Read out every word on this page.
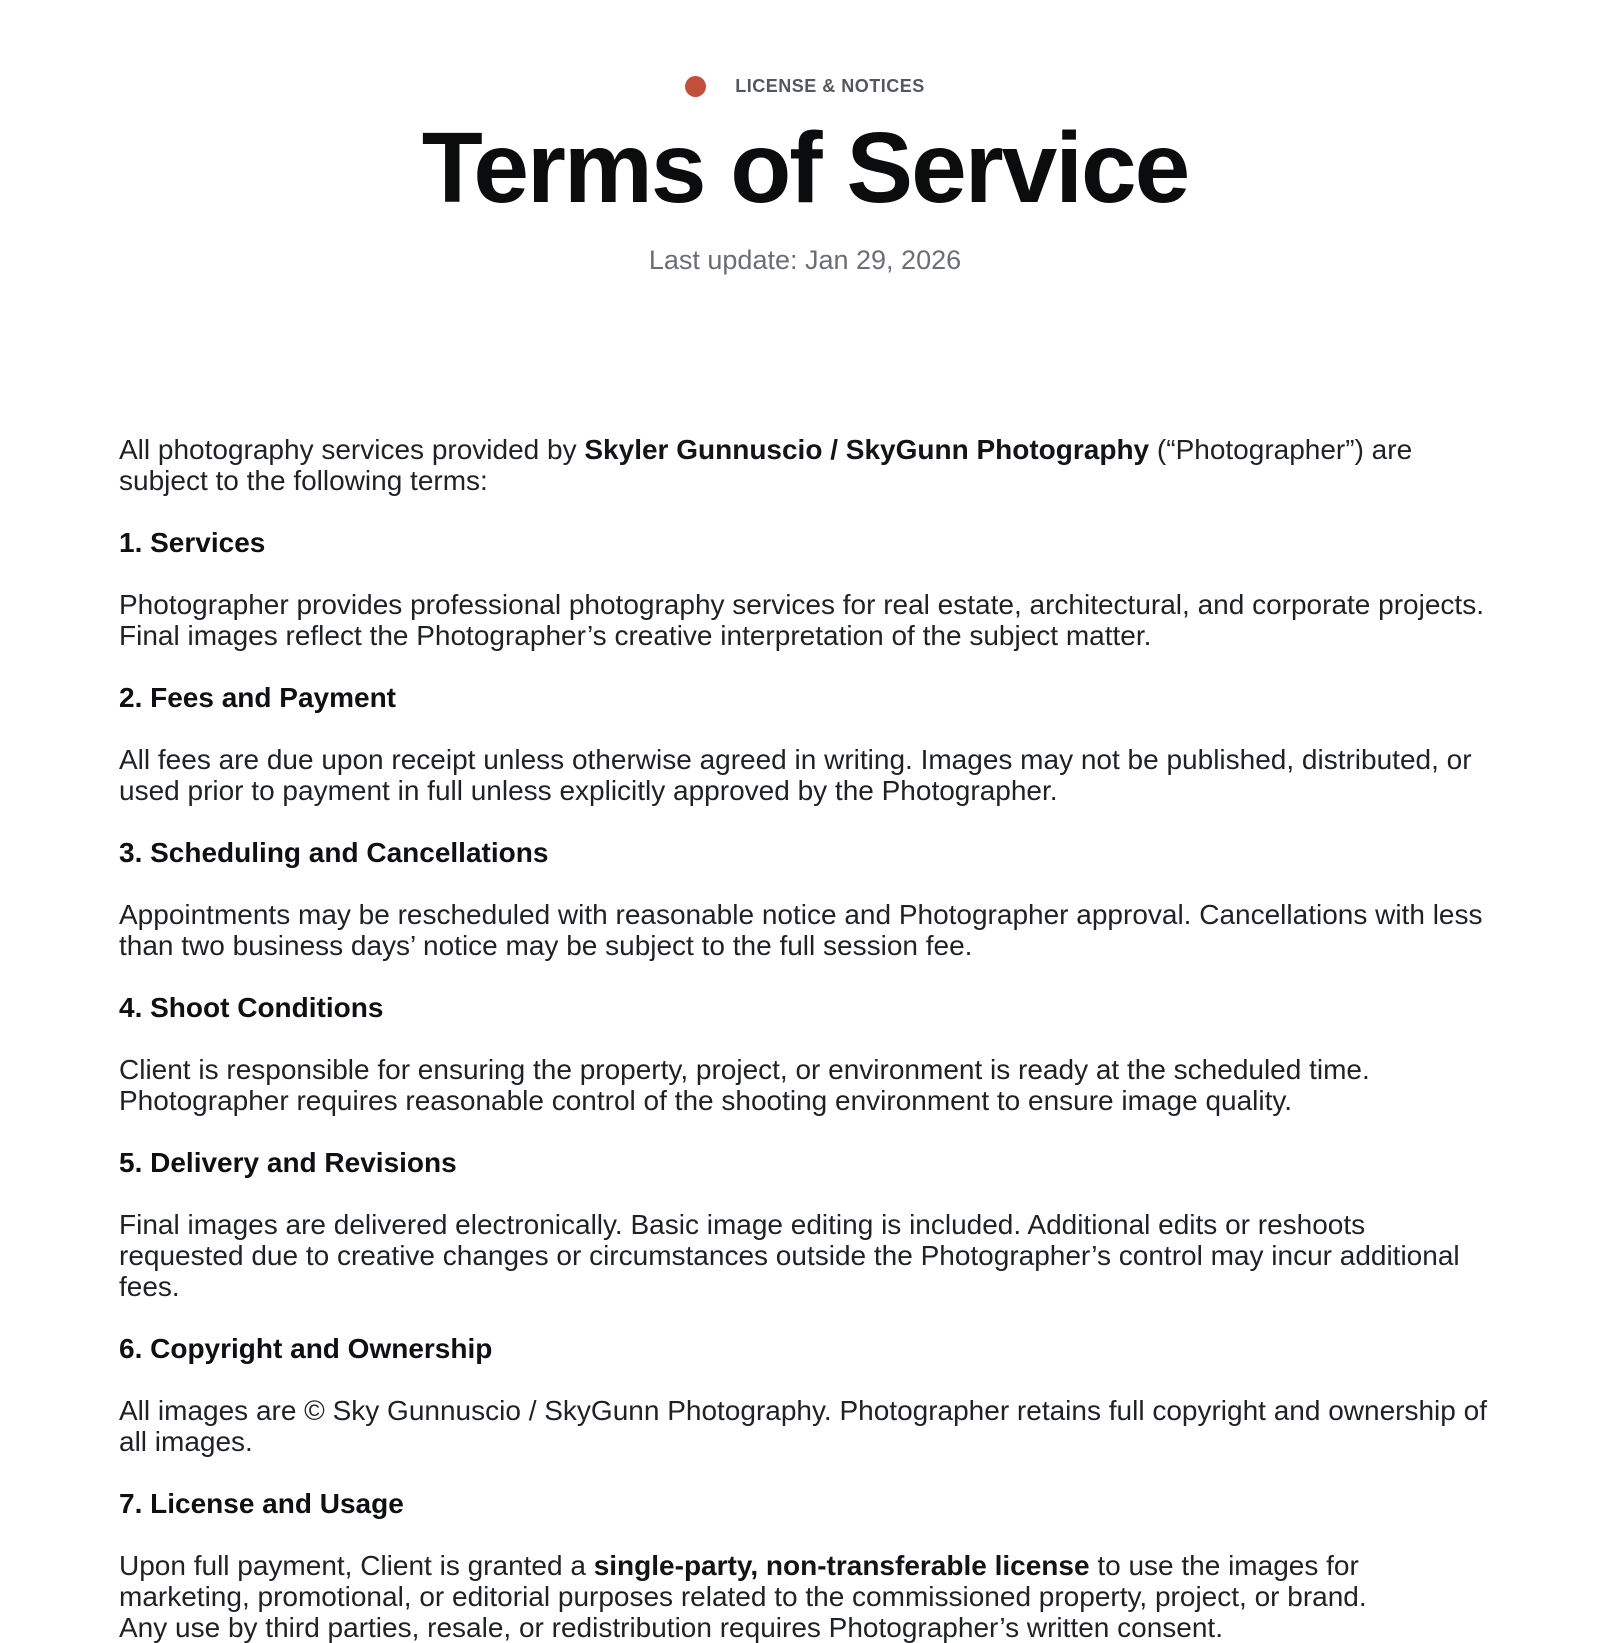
LICENSE & NOTICES
Terms of Service

Last update: Jan 29, 2026

All photography services provided by Skyler Gunnuscio / SkyGunn Photography (“Photographer”) are subject to the following terms:

1. Services

Photographer provides professional photography services for real estate, architectural, and corporate projects. Final images reflect the Photographer’s creative interpretation of the subject matter.

2. Fees and Payment

All fees are due upon receipt unless otherwise agreed in writing. Images may not be published, distributed, or used prior to payment in full unless explicitly approved by the Photographer.

3. Scheduling and Cancellations

Appointments may be rescheduled with reasonable notice and Photographer approval. Cancellations with less than two business days’ notice may be subject to the full session fee.

4. Shoot Conditions

Client is responsible for ensuring the property, project, or environment is ready at the scheduled time. Photographer requires reasonable control of the shooting environment to ensure image quality.

5. Delivery and Revisions

Final images are delivered electronically. Basic image editing is included. Additional edits or reshoots requested due to creative changes or circumstances outside the Photographer’s control may incur additional fees.

6. Copyright and Ownership

All images are © Sky Gunnuscio / SkyGunn Photography. Photographer retains full copyright and ownership of all images.

7. License and Usage

Upon full payment, Client is granted a single-party, non-transferable license to use the images for marketing, promotional, or editorial purposes related to the commissioned property, project, or brand.
Any use by third parties, resale, or redistribution requires Photographer’s written consent.
